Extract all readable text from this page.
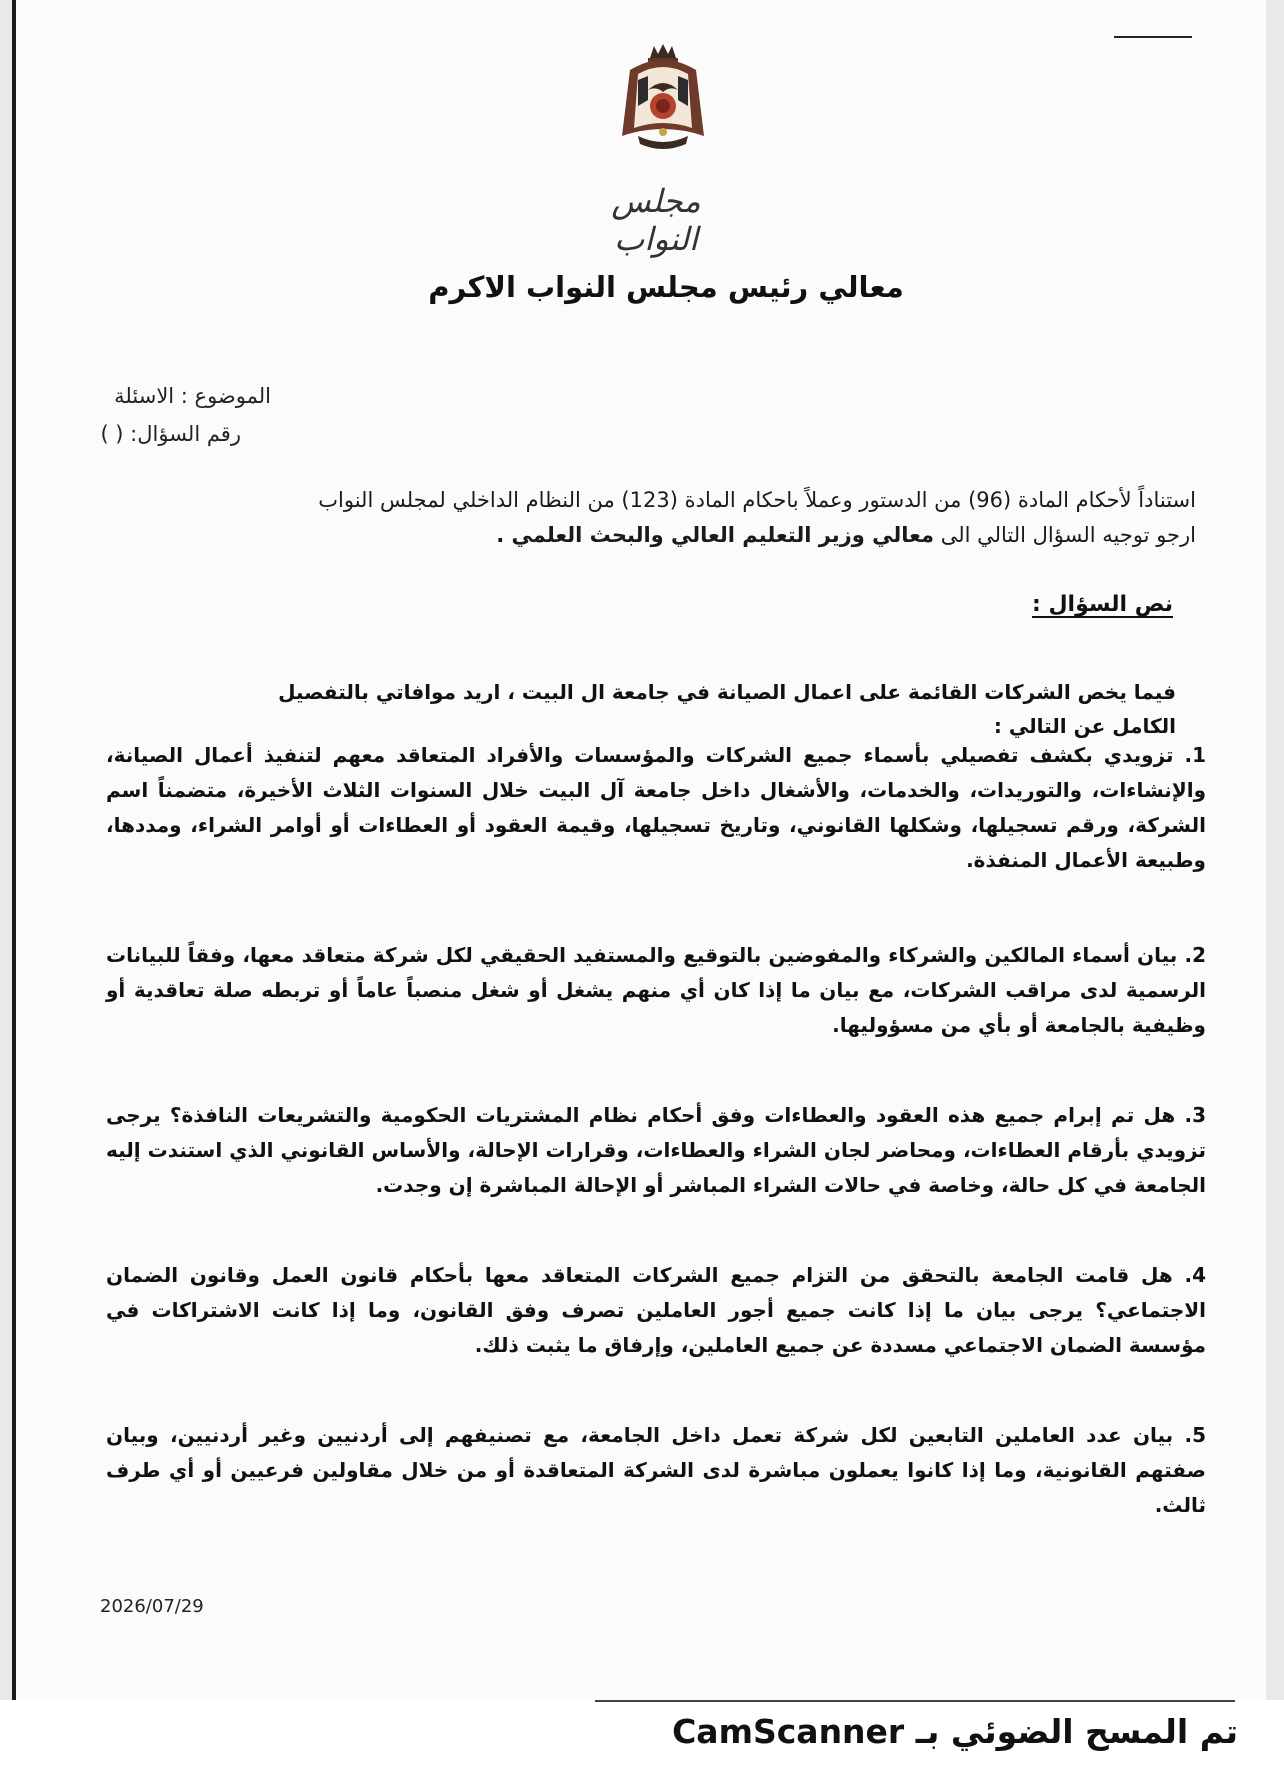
مجلس النواب
معالي رئيس مجلس النواب الاكرم
الموضوع : الاسئلة
رقم السؤال: ( )
استناداً لأحكام المادة (96) من الدستور وعملاً باحكام المادة (123) من النظام الداخلي لمجلس النواب
ارجو توجيه السؤال التالي الى معالي وزير التعليم العالي والبحث العلمي .
نص السؤال :
فيما يخص الشركات القائمة على اعمال الصيانة في جامعة ال البيت ، اريد موافاتي بالتفصيل الكامل عن التالي :
1. تزويدي بكشف تفصيلي بأسماء جميع الشركات والمؤسسات والأفراد المتعاقد معهم لتنفيذ أعمال الصيانة، والإنشاءات، والتوريدات، والخدمات، والأشغال داخل جامعة آل البيت خلال السنوات الثلاث الأخيرة، متضمناً اسم الشركة، ورقم تسجيلها، وشكلها القانوني، وتاريخ تسجيلها، وقيمة العقود أو العطاءات أو أوامر الشراء، ومددها، وطبيعة الأعمال المنفذة.
2. بيان أسماء المالكين والشركاء والمفوضين بالتوقيع والمستفيد الحقيقي لكل شركة متعاقد معها، وفقاً للبيانات الرسمية لدى مراقب الشركات، مع بيان ما إذا كان أي منهم يشغل أو شغل منصباً عاماً أو تربطه صلة تعاقدية أو وظيفية بالجامعة أو بأي من مسؤوليها.
3. هل تم إبرام جميع هذه العقود والعطاءات وفق أحكام نظام المشتريات الحكومية والتشريعات النافذة؟ يرجى تزويدي بأرقام العطاءات، ومحاضر لجان الشراء والعطاءات، وقرارات الإحالة، والأساس القانوني الذي استندت إليه الجامعة في كل حالة، وخاصة في حالات الشراء المباشر أو الإحالة المباشرة إن وجدت.
4. هل قامت الجامعة بالتحقق من التزام جميع الشركات المتعاقد معها بأحكام قانون العمل وقانون الضمان الاجتماعي؟ يرجى بيان ما إذا كانت جميع أجور العاملين تصرف وفق القانون، وما إذا كانت الاشتراكات في مؤسسة الضمان الاجتماعي مسددة عن جميع العاملين، وإرفاق ما يثبت ذلك.
5. بيان عدد العاملين التابعين لكل شركة تعمل داخل الجامعة، مع تصنيفهم إلى أردنيين وغير أردنيين، وبيان صفتهم القانونية، وما إذا كانوا يعملون مباشرة لدى الشركة المتعاقدة أو من خلال مقاولين فرعيين أو أي طرف ثالث.
2026/07/29
تم المسح الضوئي بـ CamScanner
